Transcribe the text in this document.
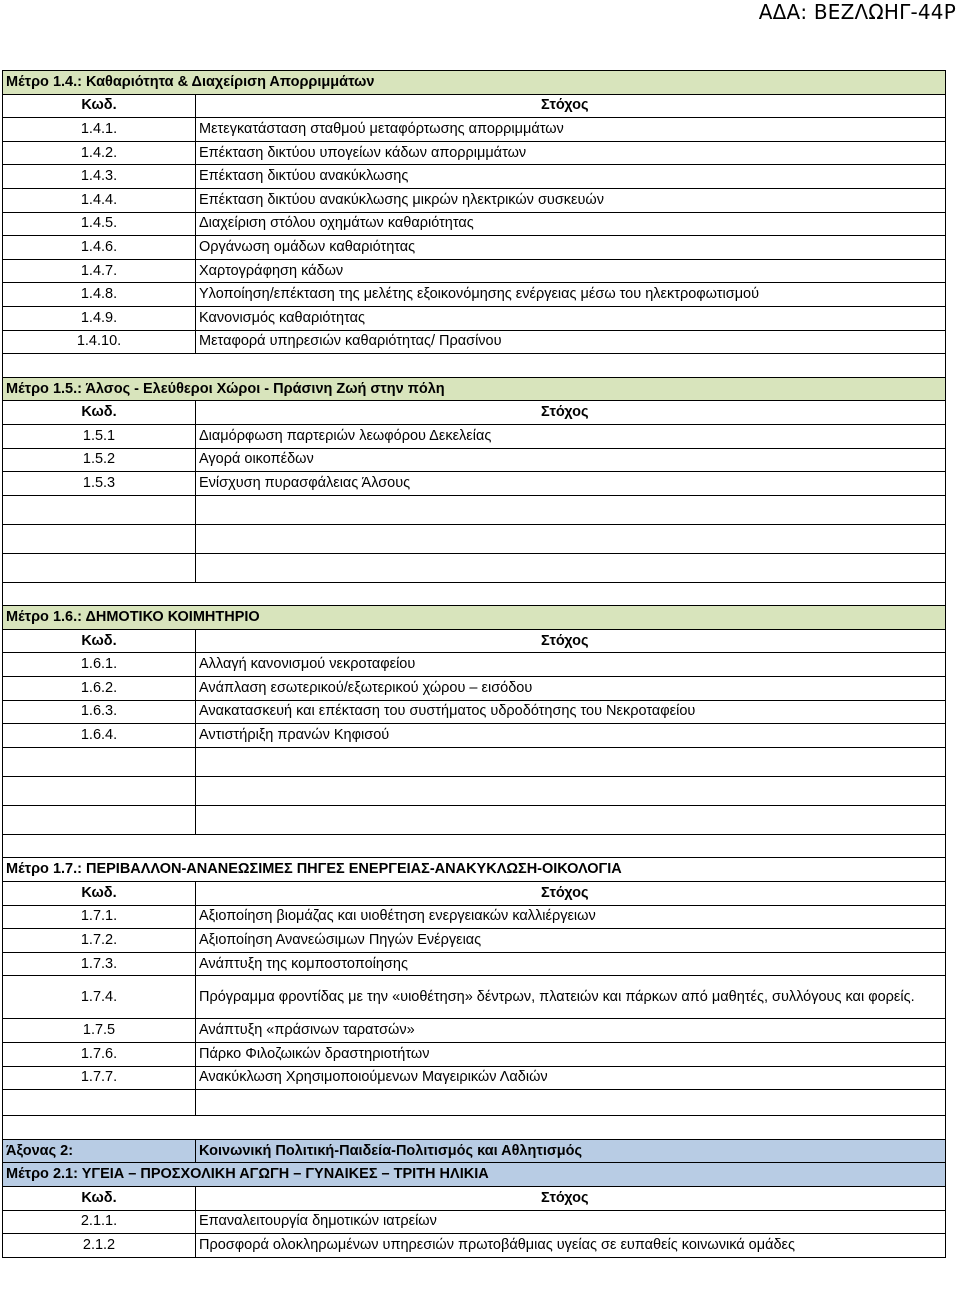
ΑΔΑ: ΒΕΖΛΩΗΓ-44Ρ
Μέτρο 1.4.: Καθαριότητα & Διαχείριση Απορριμμάτων	
Κωδ.	Στόχος
1.4.1.	Μετεγκατάσταση σταθμού μεταφόρτωσης απορριμμάτων
1.4.2.	Επέκταση δικτύου υπογείων κάδων απορριμμάτων
1.4.3.	Επέκταση δικτύου ανακύκλωσης
1.4.4.	Επέκταση δικτύου ανακύκλωσης μικρών ηλεκτρικών συσκευών
1.4.5.	Διαχείριση στόλου οχημάτων καθαριότητας
1.4.6.	Οργάνωση ομάδων καθαριότητας
1.4.7.	Χαρτογράφηση κάδων
1.4.8.	Υλοποίηση/επέκταση της μελέτης εξοικονόμησης ενέργειας μέσω του ηλεκτροφωτισμού
1.4.9.	Κανονισμός καθαριότητας
1.4.10.	Μεταφορά υπηρεσιών καθαριότητας/ Πρασίνου

Μέτρο 1.5.: Άλσος - Ελεύθεροι Χώροι - Πράσινη Ζωή στην πόλη	
Κωδ.	Στόχος
1.5.1	Διαμόρφωση παρτεριών λεωφόρου Δεκελείας
1.5.2	Αγορά οικοπέδων
1.5.3	Ενίσχυση πυρασφάλειας Άλσους

Μέτρο 1.6.: ΔΗΜΟΤΙΚΟ ΚΟΙΜΗΤΗΡΙΟ	
Κωδ.	Στόχος
1.6.1.	Αλλαγή κανονισμού νεκροταφείου
1.6.2.	Ανάπλαση εσωτερικού/εξωτερικού χώρου – εισόδου
1.6.3.	Ανακατασκευή και επέκταση του συστήματος υδροδότησης του Νεκροταφείου
1.6.4.	Αντιστήριξη πρανών Κηφισού

Μέτρο 1.7.: ΠΕΡΙΒΑΛΛΟΝ-ΑΝΑΝΕΩΣΙΜΕΣ ΠΗΓΕΣ ΕΝΕΡΓΕΙΑΣ-ΑΝΑΚΥΚΛΩΣΗ-ΟΙΚΟΛΟΓΙΑ	
Κωδ.	Στόχος
1.7.1.	Αξιοποίηση βιομάζας και υιοθέτηση ενεργειακών καλλιέργειων
1.7.2.	Αξιοποίηση Ανανεώσιμων Πηγών Ενέργειας
1.7.3.	Ανάπτυξη της κομποστοποίησης
1.7.4.	Πρόγραμμα φροντίδας με την «υιοθέτηση» δέντρων, πλατειών και πάρκων από μαθητές, συλλόγους και φορείς.
1.7.5	Ανάπτυξη «πράσινων ταρατσών»
1.7.6.	Πάρκο Φιλοζωικών δραστηριοτήτων
1.7.7.	Ανακύκλωση Χρησιμοποιούμενων Μαγειρικών Λαδιών

Άξονας 2:	Κοινωνική Πολιτική-Παιδεία-Πολιτισμός και Αθλητισμός
Μέτρο 2.1: ΥΓΕΙΑ – ΠΡΟΣΧΟΛΙΚΗ ΑΓΩΓΗ – ΓΥΝΑΙΚΕΣ – ΤΡΙΤΗ ΗΛΙΚΙΑ	
Κωδ.	Στόχος
2.1.1.	Επαναλειτουργία δημοτικών ιατρείων
2.1.2	Προσφορά ολοκληρωμένων υπηρεσιών πρωτοβάθμιας υγείας σε ευπαθείς κοινωνικά ομάδες
